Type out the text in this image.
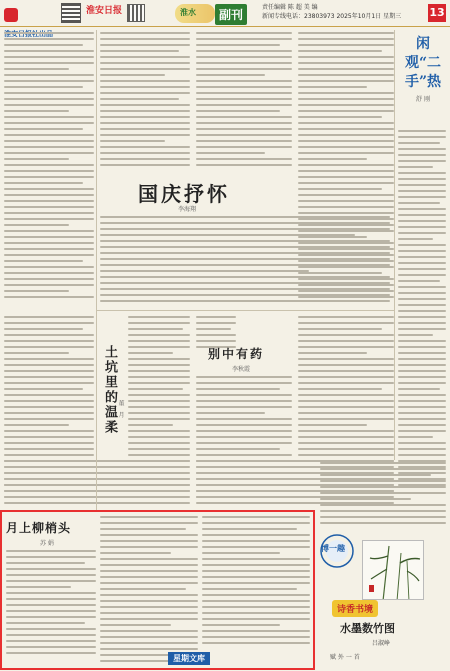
淮安日报	淮水	副刊
责任编辑 陈 超 美 编
新闻专线电话：23803973 2025年10月1日 星期三	13
闲观“二手”热
舒 刚
国庆抒怀
李海翔
土坑里的温柔 董 月
别中有药
李秋霞
月上柳梢头
苏 娟
星期文库
博一趣
诗香书境
水墨数竹图
吕淑峥
赋 外 一 首
